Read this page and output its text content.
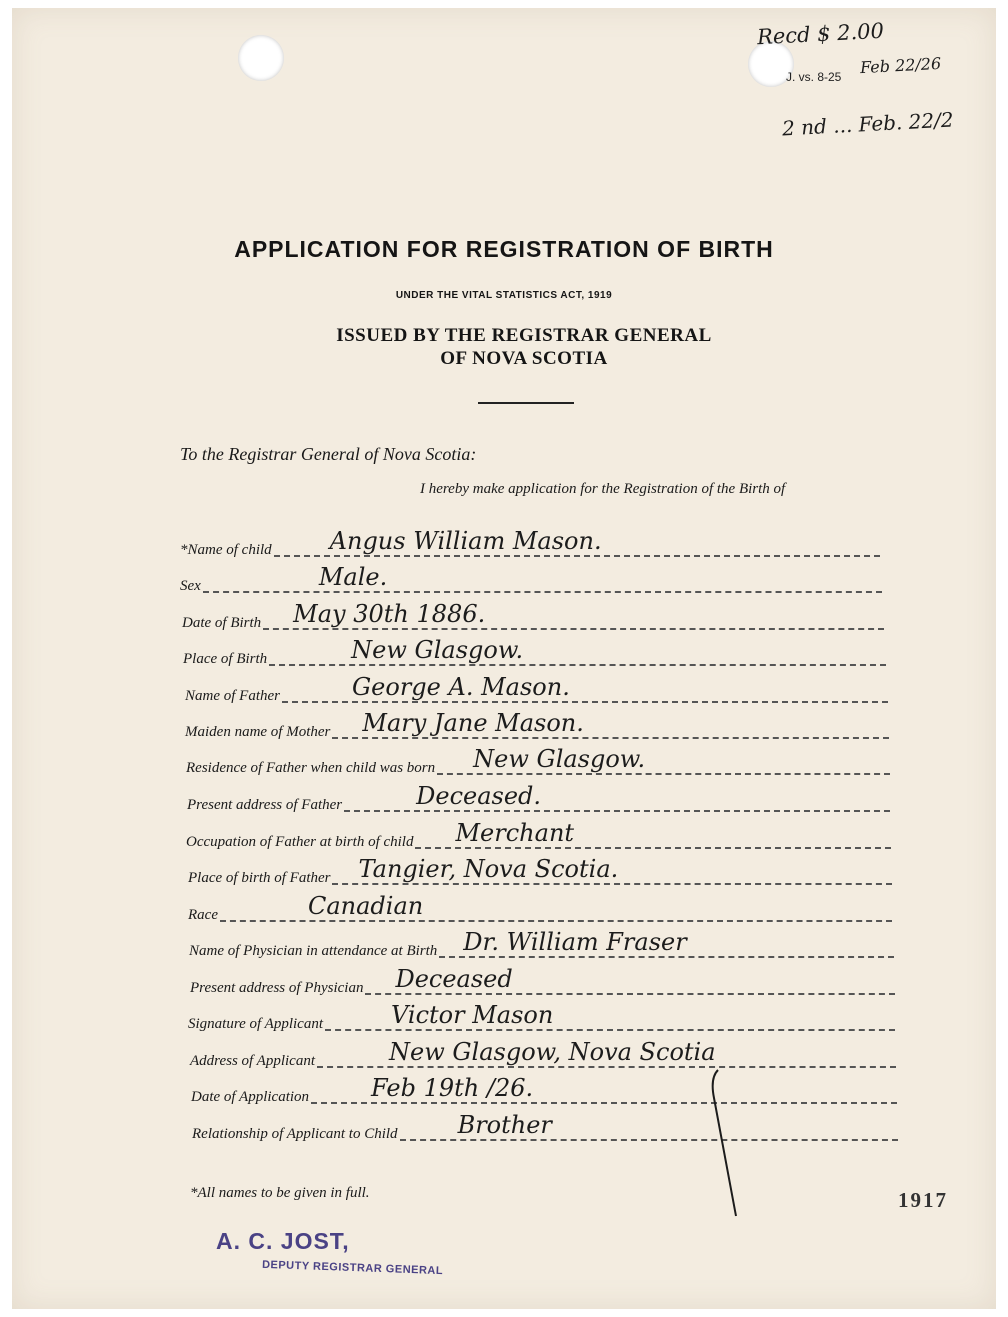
J. vs. 8-25
Recd $ 2.00
Feb 22/26
2 nd ... Feb. 22/2
APPLICATION FOR REGISTRATION OF BIRTH
UNDER THE VITAL STATISTICS ACT, 1919
ISSUED BY THE REGISTRAR GENERAL
OF NOVA SCOTIA
To the Registrar General of Nova Scotia:
I hereby make application for the Registration of the Birth of
*Name of child Angus William Mason.
Sex	Male.
Date of Birth May 30th 1886.
Place of Birth	New Glasgow.
Name of Father	George A. Mason.
Maiden name of Mother Mary Jane Mason.
Residence of Father when child was born New Glasgow.
Present address of Father	Deceased.
Occupation of Father at birth of child Merchant
Place of birth of Father Tangier, Nova Scotia.
Race	Canadian
Name of Physician in attendance at Birth Dr. William Fraser
Present address of Physician Deceased
Signature of Applicant	Victor Mason
Address of Applicant	New Glasgow, Nova Scotia
Date of Application	Feb 19th /26.
Relationship of Applicant to Child	Brother
*All names to be given in full.	1917
A. C. JOST,
DEPUTY REGISTRAR GENERAL
